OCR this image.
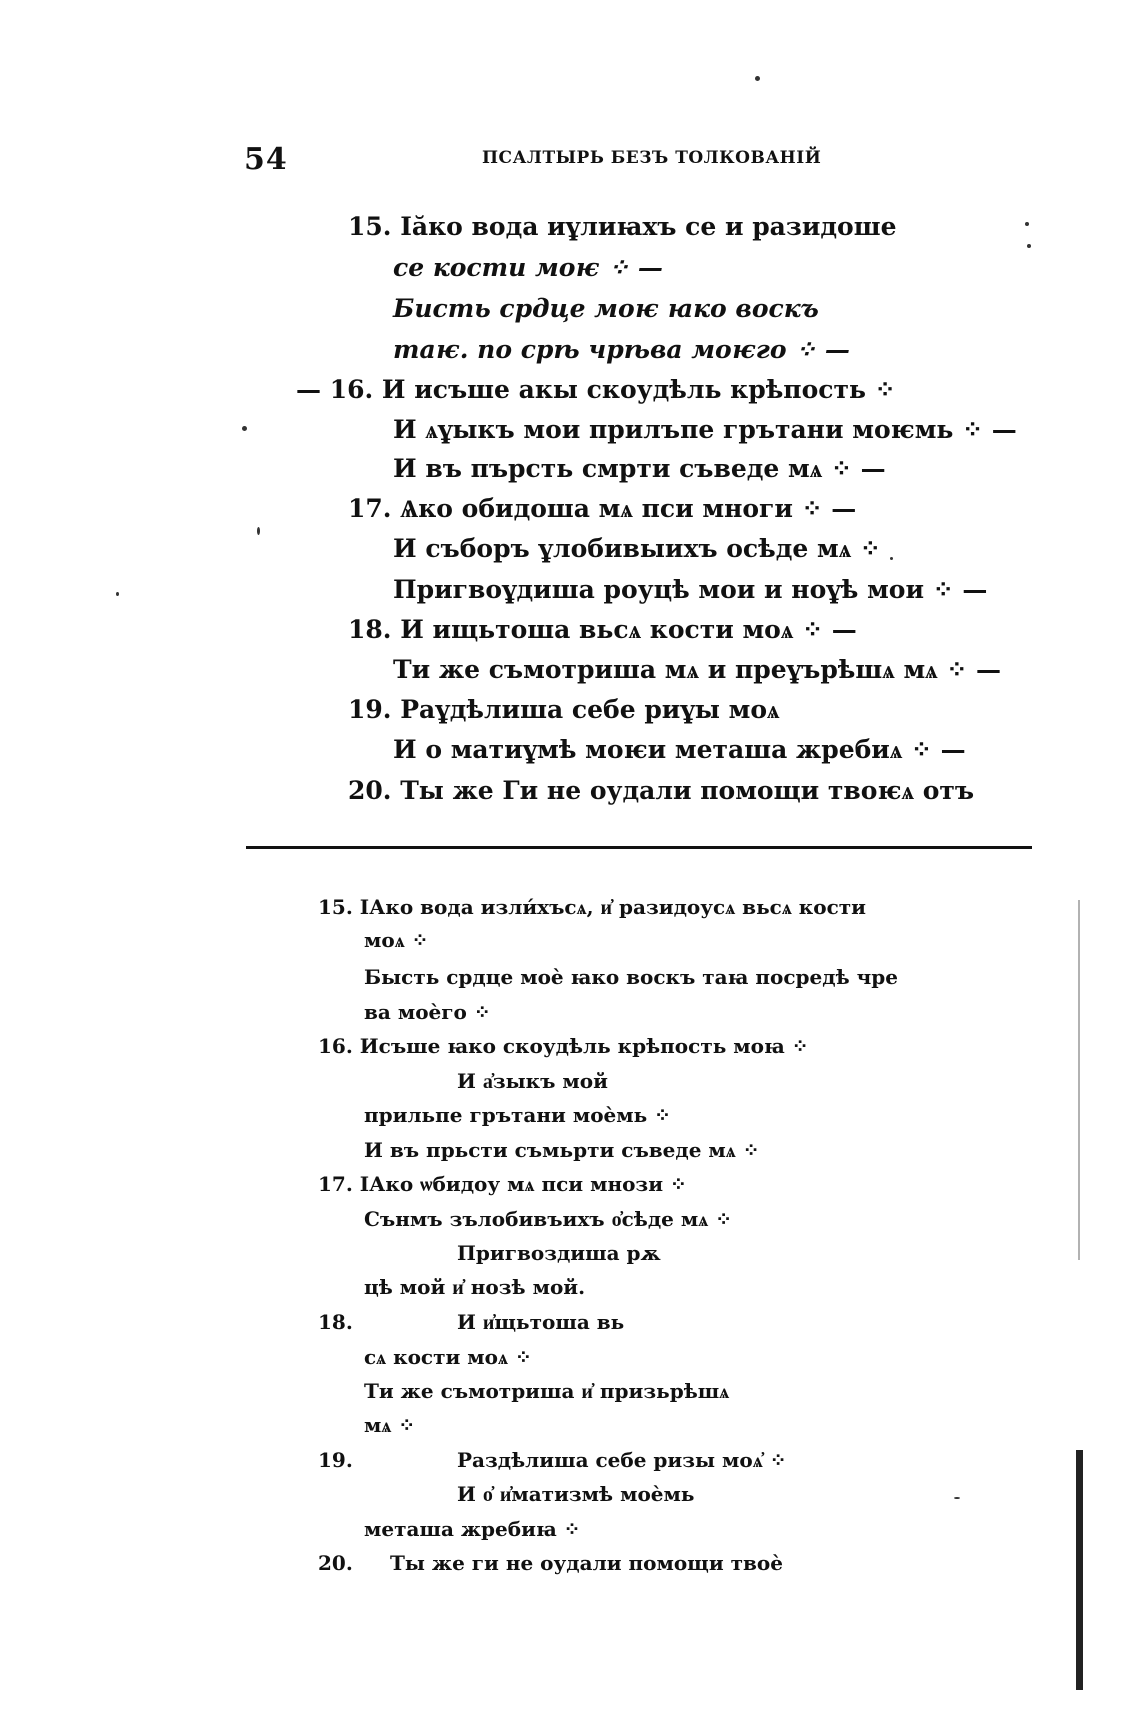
54	ПСАЛТЫРЬ БЕЗЪ ТОЛКОВАНІЙ
15. Ӏӑко вода иұлиꙗхъ се и разидоше
се кости моѥ ⁘ —
Бисть срдце моѥ ꙗко воскъ
таѥ. по срѣ чрѣва моѥго ⁘ —
— 16. И исъше акы скоудѣль крѣпость ⁘
И ѧұыкъ мои прилъпе грътани моѥмь ⁘ —
И въ пърсть смрти съведе мѧ ⁘ —
17. Ѧко обидоша мѧ пси многи ⁘ —
И съборъ ұлобивыихъ осѣде мѧ ⁘
Пригвоұдиша роуцѣ мои и ноұѣ мои ⁘ —
18. И ищьтоша вьсѧ кости моѧ ⁘ —
Ти же съмотриша мѧ и преұърѣшѧ мѧ ⁘ —
19. Раұдѣлиша себе риұы моѧ
И о матиұмѣ моѥи меташа жребиѧ ⁘ —
20. Ты же Ги не оудали помощи твоѥѧ отъ
15. ІАко вода изли́хъсѧ, и҆ разидоусѧ вьсѧ кости
моѧ ⁘
Бысть срдце моѐ ꙗко воскъ таꙗ посредѣ чре
ва моѐго ⁘
16. Исъше ꙗко скоудѣль крѣпость моꙗ ⁘
И а҆зыкъ мой
прильпе грътани моѐмь ⁘
И въ прьсти съмьрти съведе мѧ ⁘
17. ІАко ѡбидоу мѧ пси мнози ⁘
Сънмъ зълобивъихъ о҆сѣде мѧ ⁘
Пригвоздиша рѫ
цѣ мой и҆ нозѣ мой.
18.	И и҆щьтоша вь
сѧ кости моѧ ⁘
Ти же съмотриша и҆ призьрѣшѧ
мѧ ⁘
19.	Раздѣлиша себе ризы моѧ҆ ⁘
И о҆ и҆матизмѣ моѐмь
меташа жребиꙗ ⁘
20. Ты же ги не оудали помощи твоѐ
